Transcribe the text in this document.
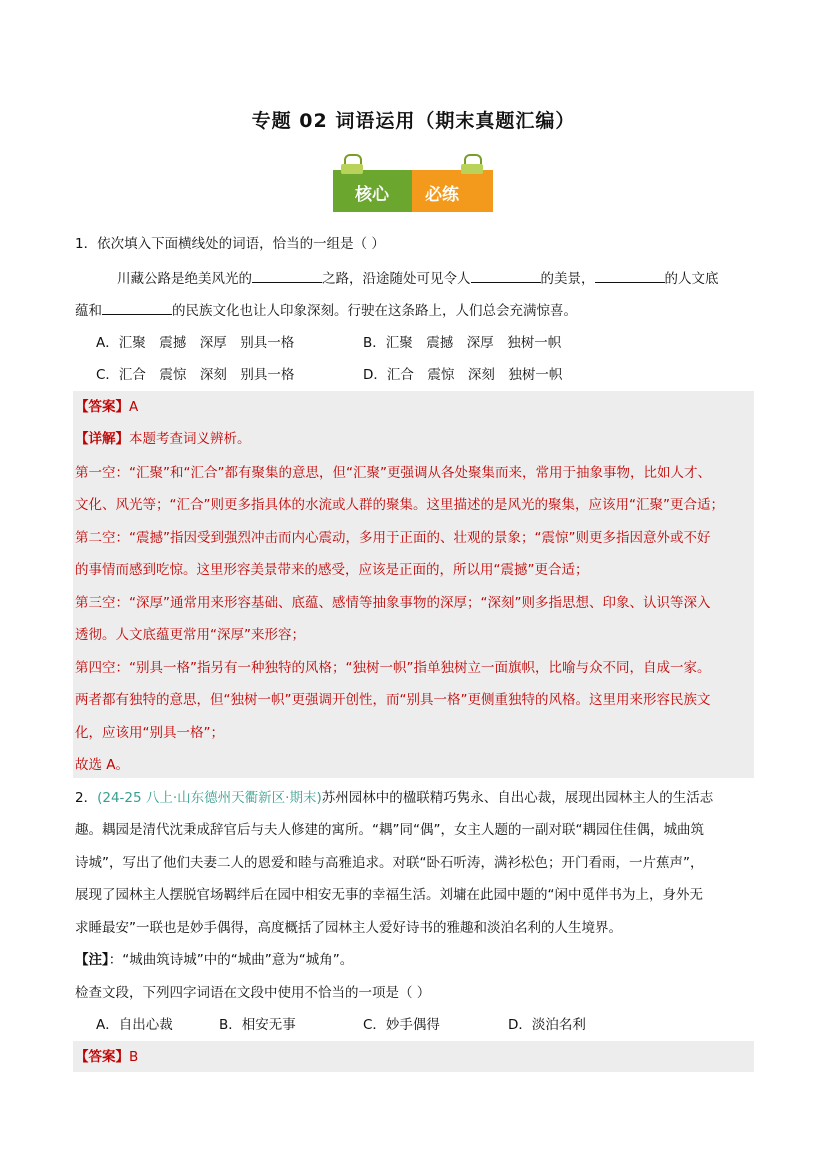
专题 02 词语运用（期末真题汇编）
核心 必练
1．依次填入下面横线处的词语，恰当的一组是（ ）
川藏公路是绝美风光的	之路，沿途随处可见令人	的美景，	的人文底
蕴和	的民族文化也让人印象深刻。行驶在这条路上，人们总会充满惊喜。
A．汇聚　震撼　深厚　别具一格	B．汇聚　震撼　深厚　独树一帜
C．汇合　震惊　深刻　别具一格	D．汇合　震惊　深刻　独树一帜
【答案】A
【详解】本题考查词义辨析。
第一空：“汇聚”和“汇合”都有聚集的意思，但“汇聚”更强调从各处聚集而来，常用于抽象事物，比如人才、
文化、风光等；“汇合”则更多指具体的水流或人群的聚集。这里描述的是风光的聚集，应该用“汇聚”更合适；
第二空：“震撼”指因受到强烈冲击而内心震动，多用于正面的、壮观的景象；“震惊”则更多指因意外或不好
的事情而感到吃惊。这里形容美景带来的感受，应该是正面的，所以用“震撼”更合适；
第三空：“深厚”通常用来形容基础、底蕴、感情等抽象事物的深厚；“深刻”则多指思想、印象、认识等深入
透彻。人文底蕴更常用“深厚”来形容；
第四空：“别具一格”指另有一种独特的风格；“独树一帜”指单独树立一面旗帜，比喻与众不同，自成一家。
两者都有独特的意思，但“独树一帜”更强调开创性，而“别具一格”更侧重独特的风格。这里用来形容民族文
化，应该用“别具一格”；
故选 A。
2．(24-25 八上·山东德州天衢新区·期末)苏州园林中的楹联精巧隽永、自出心裁，展现出园林主人的生活志
趣。耦园是清代沈秉成辞官后与夫人修建的寓所。“耦”同“偶”，女主人题的一副对联“耦园住佳偶，城曲筑
诗城”，写出了他们夫妻二人的恩爱和睦与高雅追求。对联“卧石听涛，满衫松色；开门看雨，一片蕉声”，
展现了园林主人摆脱官场羁绊后在园中相安无事的幸福生活。刘墉在此园中题的“闲中觅伴书为上，身外无
求睡最安”一联也是妙手偶得，高度概括了园林主人爱好诗书的雅趣和淡泊名利的人生境界。
【注】：“城曲筑诗城”中的“城曲”意为“城角”。
检查文段，下列四字词语在文段中使用不恰当的一项是（ ）
A．自出心裁	B．相安无事	C．妙手偶得	D．淡泊名利
【答案】B
